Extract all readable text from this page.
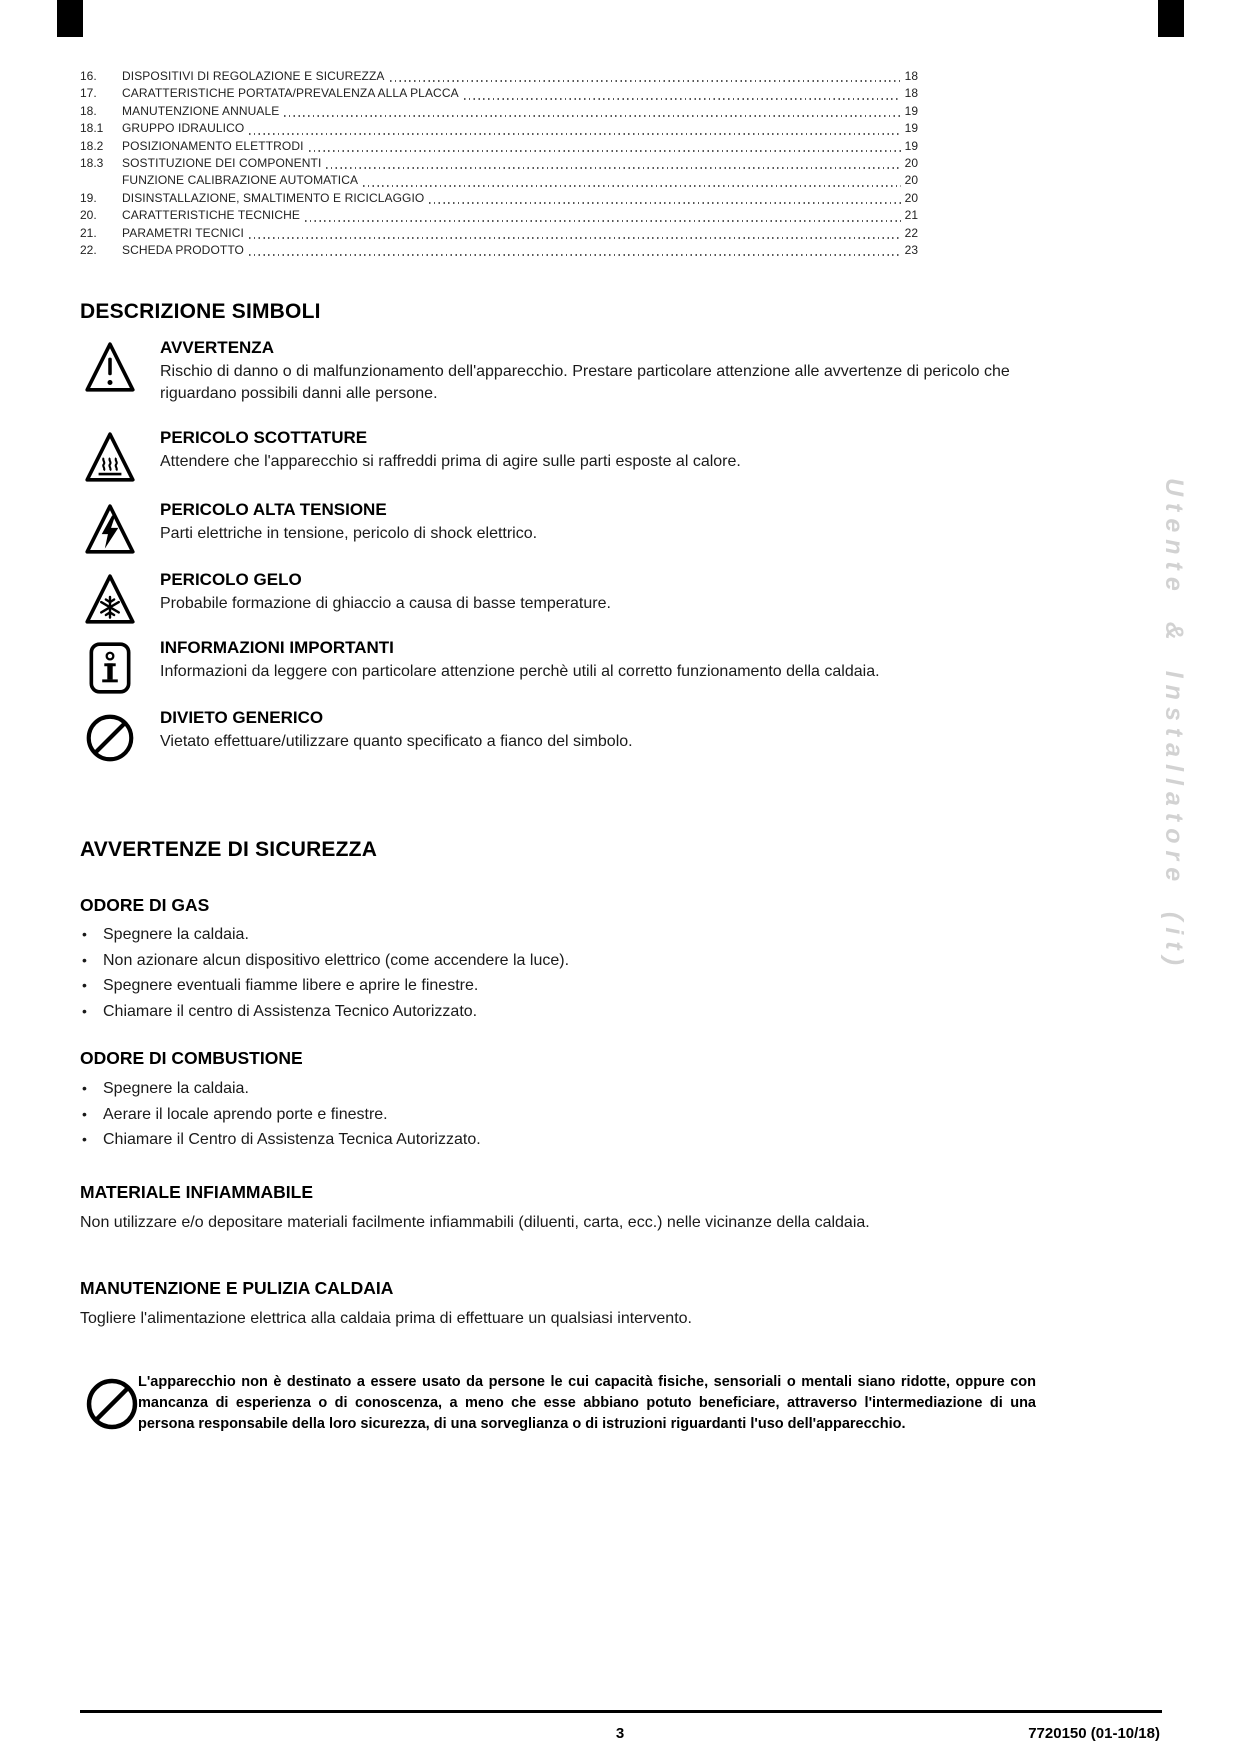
16.	DISPOSITIVI DI REGOLAZIONE E SICUREZZA	18
17.	CARATTERISTICHE PORTATA/PREVALENZA ALLA PLACCA	18
18.	MANUTENZIONE ANNUALE	19
18.1	GRUPPO IDRAULICO	19
18.2	POSIZIONAMENTO ELETTRODI	19
18.3	SOSTITUZIONE DEI COMPONENTI	20
FUNZIONE CALIBRAZIONE AUTOMATICA	20
19.	DISINSTALLAZIONE, SMALTIMENTO E RICICLAGGIO	20
20.	CARATTERISTICHE TECNICHE	21
21.	PARAMETRI TECNICI	22
22.	SCHEDA PRODOTTO	23
DESCRIZIONE SIMBOLI
AVVERTENZA
Rischio di danno o di malfunzionamento dell'apparecchio. Prestare particolare attenzione alle avvertenze di pericolo che riguardano possibili danni alle persone.
PERICOLO SCOTTATURE
Attendere che l'apparecchio si raffreddi prima di agire sulle parti esposte al calore.
PERICOLO ALTA TENSIONE
Parti elettriche in tensione, pericolo di shock elettrico.
PERICOLO GELO
Probabile formazione di ghiaccio a causa di basse temperature.
INFORMAZIONI IMPORTANTI
Informazioni da leggere con particolare attenzione perchè utili al corretto funzionamento della caldaia.
DIVIETO GENERICO
Vietato effettuare/utilizzare quanto specificato a fianco del simbolo.
AVVERTENZE DI SICUREZZA
ODORE DI GAS
• Spegnere la caldaia.
• Non azionare alcun dispositivo elettrico (come accendere la luce).
• Spegnere eventuali fiamme libere e aprire le finestre.
• Chiamare il centro di Assistenza Tecnico Autorizzato.
ODORE DI COMBUSTIONE
• Spegnere la caldaia.
• Aerare il locale aprendo porte e finestre.
• Chiamare il Centro di Assistenza Tecnica Autorizzato.
MATERIALE INFIAMMABILE
Non utilizzare e/o depositare materiali facilmente infiammabili (diluenti, carta, ecc.) nelle vicinanze della caldaia.
MANUTENZIONE E PULIZIA CALDAIA
Togliere l'alimentazione elettrica alla caldaia prima di effettuare un qualsiasi intervento.
L'apparecchio non è destinato a essere usato da persone le cui capacità fisiche, sensoriali o mentali siano ridotte, oppure con mancanza di esperienza o di conoscenza, a meno che esse abbiano potuto beneficiare, attraverso l'intermediazione di una persona responsabile della loro sicurezza, di una sorveglianza o di istruzioni riguardanti l'uso dell'apparecchio.
3	7720150 (01-10/18)
Utente & Installatore (it)
